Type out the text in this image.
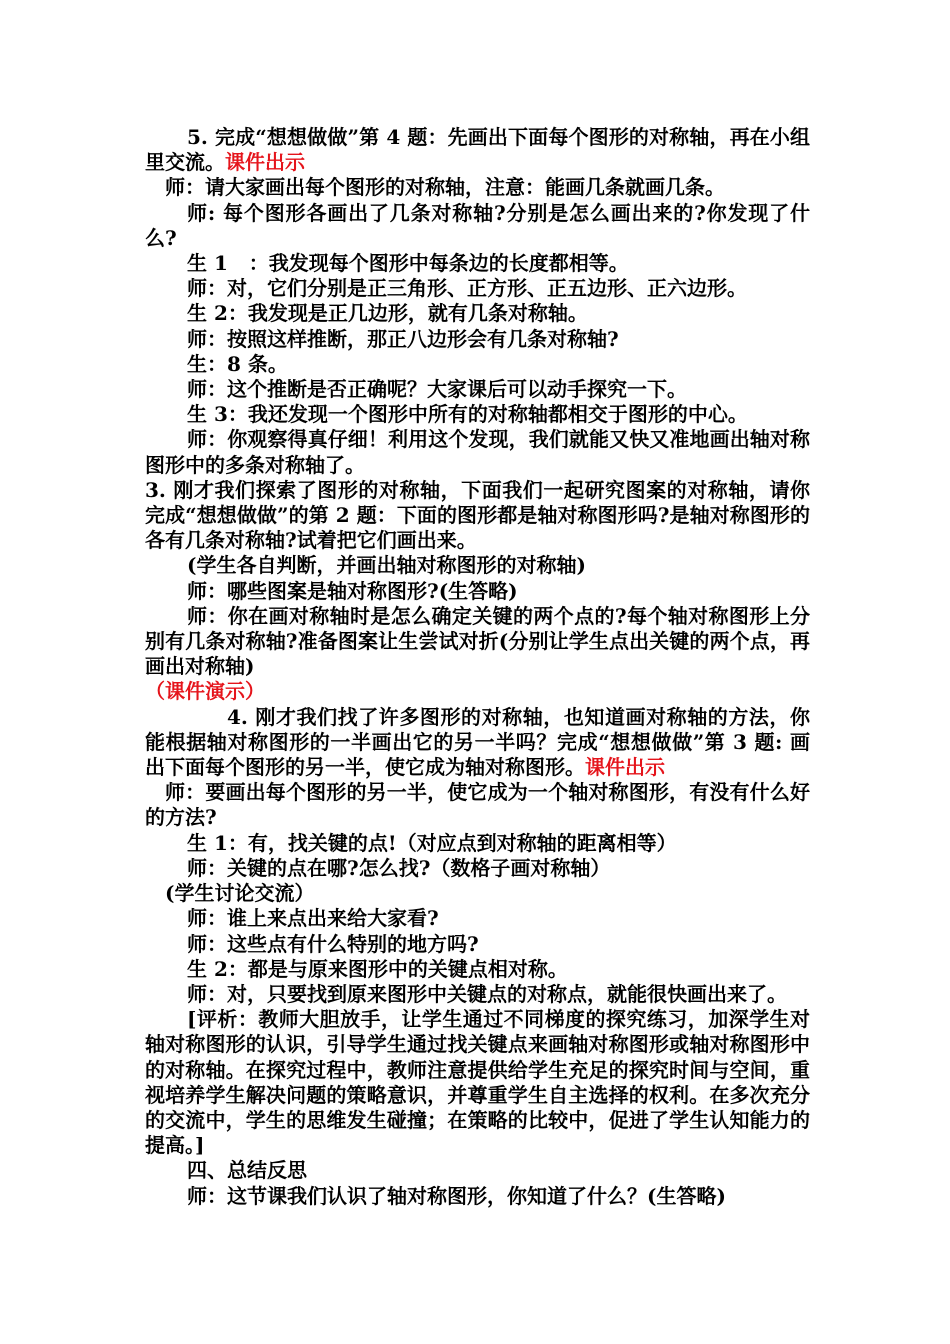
5. 完成“想想做做”第 4 题：先画出下面每个图形的对称轴，再在小组里交流。课件出示

师：请大家画出每个图形的对称轴，注意：能画几条就画几条。

师: 每个图形各画出了几条对称轴?分别是怎么画出来的?你发现了什么?

生 1 ：我发现每个图形中每条边的长度都相等。

师：对，它们分别是正三角形、正方形、正五边形、正六边形。

生 2：我发现是正几边形，就有几条对称轴。

师：按照这样推断，那正八边形会有几条对称轴?

生：8 条。

师：这个推断是否正确呢？大家课后可以动手探究一下。

生 3：我还发现一个图形中所有的对称轴都相交于图形的中心。

师：你观察得真仔细！利用这个发现，我们就能又快又准地画出轴对称图形中的多条对称轴了。

3. 刚才我们探索了图形的对称轴，下面我们一起研究图案的对称轴，请你完成“想想做做”的第 2 题：下面的图形都是轴对称图形吗?是轴对称图形的各有几条对称轴?试着把它们画出来。

(学生各自判断，并画出轴对称图形的对称轴)

师：哪些图案是轴对称图形?(生答略)

师：你在画对称轴时是怎么确定关键的两个点的?每个轴对称图形上分别有几条对称轴?准备图案让生尝试对折(分别让学生点出关键的两个点，再画出对称轴)

（课件演示）

4. 刚才我们找了许多图形的对称轴，也知道画对称轴的方法，你能根据轴对称图形的一半画出它的另一半吗？完成“想想做做”第 3 题: 画出下面每个图形的另一半，使它成为轴对称图形。课件出示

师：要画出每个图形的另一半，使它成为一个轴对称图形，有没有什么好的方法?

生 1：有，找关键的点!（对应点到对称轴的距离相等）

师：关键的点在哪?怎么找?（数格子画对称轴）

(学生讨论交流）

师：谁上来点出来给大家看?

师：这些点有什么特别的地方吗?

生 2：都是与原来图形中的关键点相对称。

师：对，只要找到原来图形中关键点的对称点，就能很快画出来了。

[评析：教师大胆放手，让学生通过不同梯度的探究练习，加深学生对轴对称图形的认识，引导学生通过找关键点来画轴对称图形或轴对称图形中的对称轴。在探究过程中，教师注意提供给学生充足的探究时间与空间，重视培养学生解决问题的策略意识，并尊重学生自主选择的权利。在多次充分的交流中，学生的思维发生碰撞；在策略的比较中，促进了学生认知能力的提高。]

四、总结反思

师：这节课我们认识了轴对称图形，你知道了什么？(生答略)
